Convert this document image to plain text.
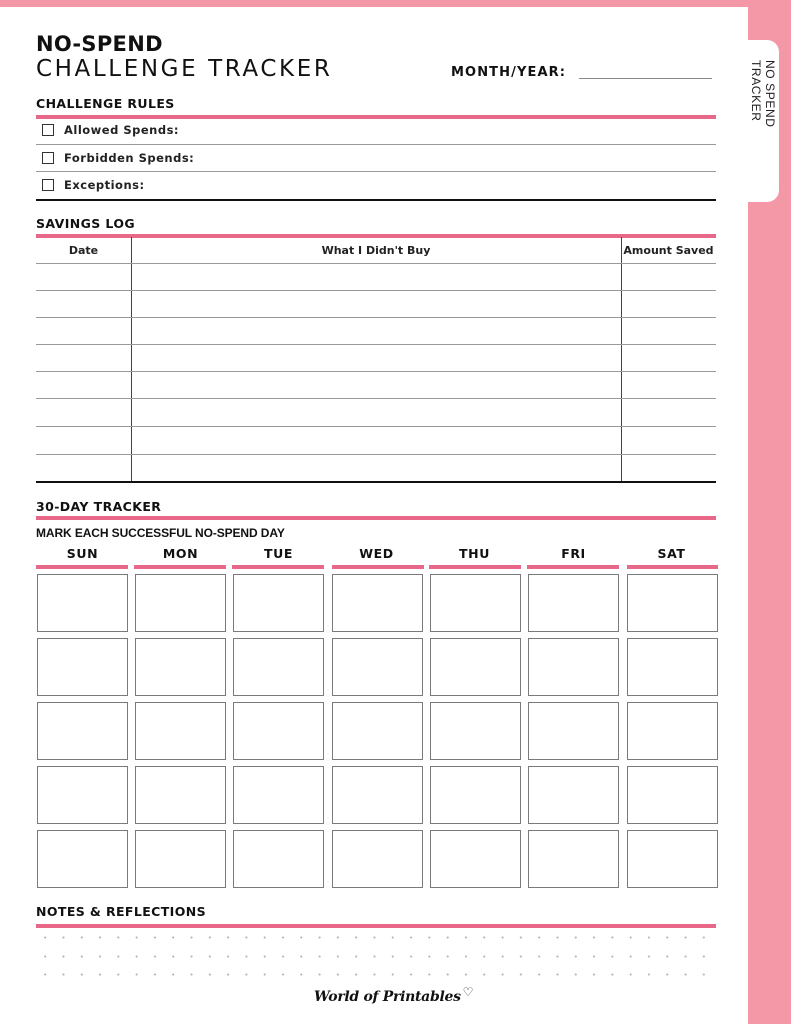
NO SPEND TRACKER
NO-SPEND
CHALLENGE TRACKER	MONTH/YEAR:
CHALLENGE RULES
Allowed Spends:
Forbidden Spends:
Exceptions:
SAVINGS LOG
Date	What I Didn't Buy	Amount Saved
30-DAY TRACKER
MARK EACH SUCCESSFUL NO-SPEND DAY
SUN	MON	TUE	WED	THU	FRI	SAT
NOTES & REFLECTIONS
World of Printables ♡
